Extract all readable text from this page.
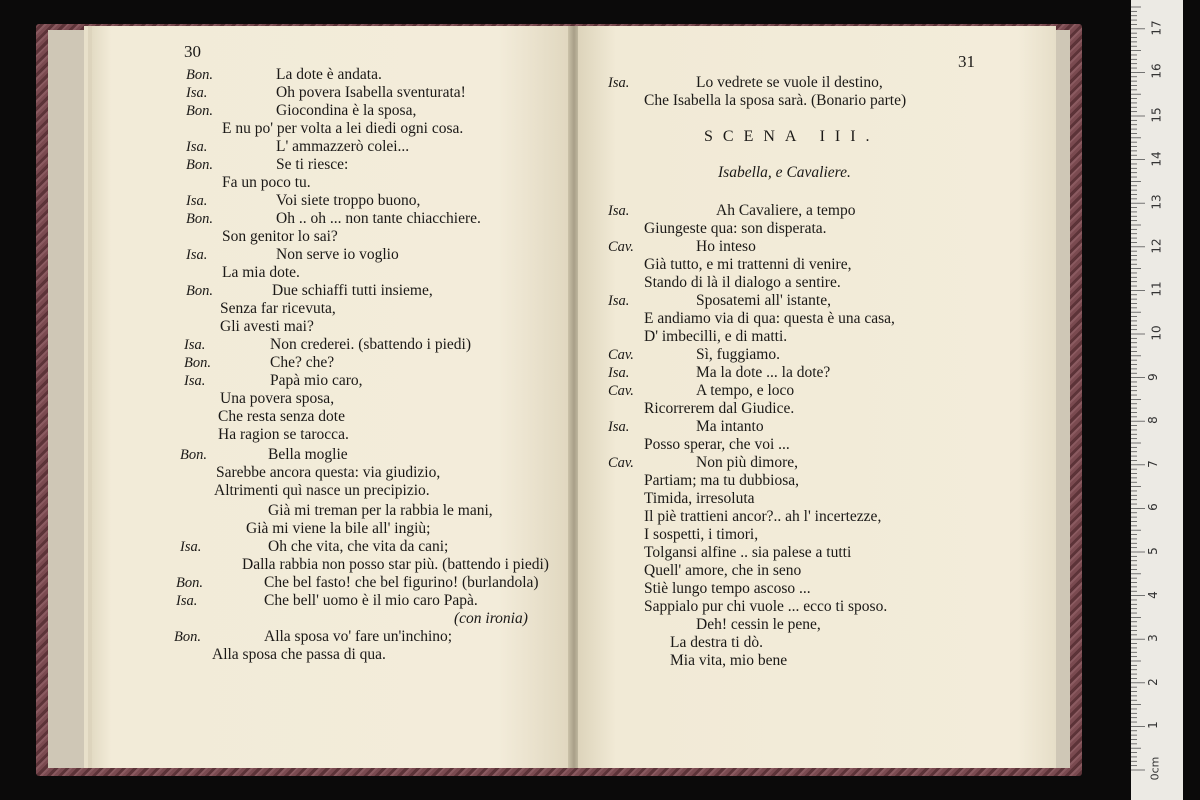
30
Bon.	La dote è andata.
Isa.	Oh povera Isabella sventurata!
Bon.	Giocondina è la sposa,
E nu po' per volta a lei diedi ogni cosa.
Isa.	L' ammazzerò colei...
Bon.	Se ti riesce:
Fa un poco tu.
Isa.	Voi siete troppo buono,
Bon.	Oh .. oh ... non tante chiacchiere.
Son genitor lo sai?
Isa.	Non serve io voglio
La mia dote.
Bon.	Due schiaffi tutti insieme,
Senza far ricevuta,
Gli avesti mai?
Isa.	Non crederei. (sbattendo i piedi)
Bon.	Che? che?
Isa.	Papà mio caro,
Una povera sposa,
Che resta senza dote
Ha ragion se tarocca.
Bon.	Bella moglie
Sarebbe ancora questa: via giudizio,
Altrimenti quì nasce un precipizio.
Già mi treman per la rabbia le mani,
Già mi viene la bile all' ingiù;
Isa.	Oh che vita, che vita da cani;
Dalla rabbia non posso star più. (battendo i piedi)
Bon.	Che bel fasto! che bel figurino! (burlandola)
Isa.	Che bell' uomo è il mio caro Papà.
(con ironia)
Bon.	Alla sposa vo' fare un'inchino;
Alla sposa che passa di qua.
31
Isa.	Lo vedrete se vuole il destino,
Che Isabella la sposa sarà. (Bonario parte)
SCENA III.
Isabella, e Cavaliere.
Isa.	Ah Cavaliere, a tempo
Giungeste qua: son disperata.
Cav.	Ho inteso
Già tutto, e mi trattenni di venire,
Stando di là il dialogo a sentire.
Isa.	Sposatemi all' istante,
E andiamo via di qua: questa è una casa,
D' imbecilli, e di matti.
Cav.	Sì, fuggiamo.
Isa.	Ma la dote ... la dote?
Cav.	A tempo, e loco
Ricorrerem dal Giudice.
Isa.	Ma intanto
Posso sperar, che voi ...
Cav.	Non più dimore,
Partiam; ma tu dubbiosa,
Timida, irresoluta
Il piè trattieni ancor?.. ah l' incertezze,
I sospetti, i timori,
Tolgansi alfine .. sia palese a tutti
Quell' amore, che in seno
Stiè lungo tempo ascoso ...
Sappialo pur chi vuole ... ecco ti sposo.
Deh! cessin le pene,
La destra ti dò.
Mia vita, mio bene
17
16
15
14
13
12
11
10
9
8
7
6
5
4
3
2
1
0cm
